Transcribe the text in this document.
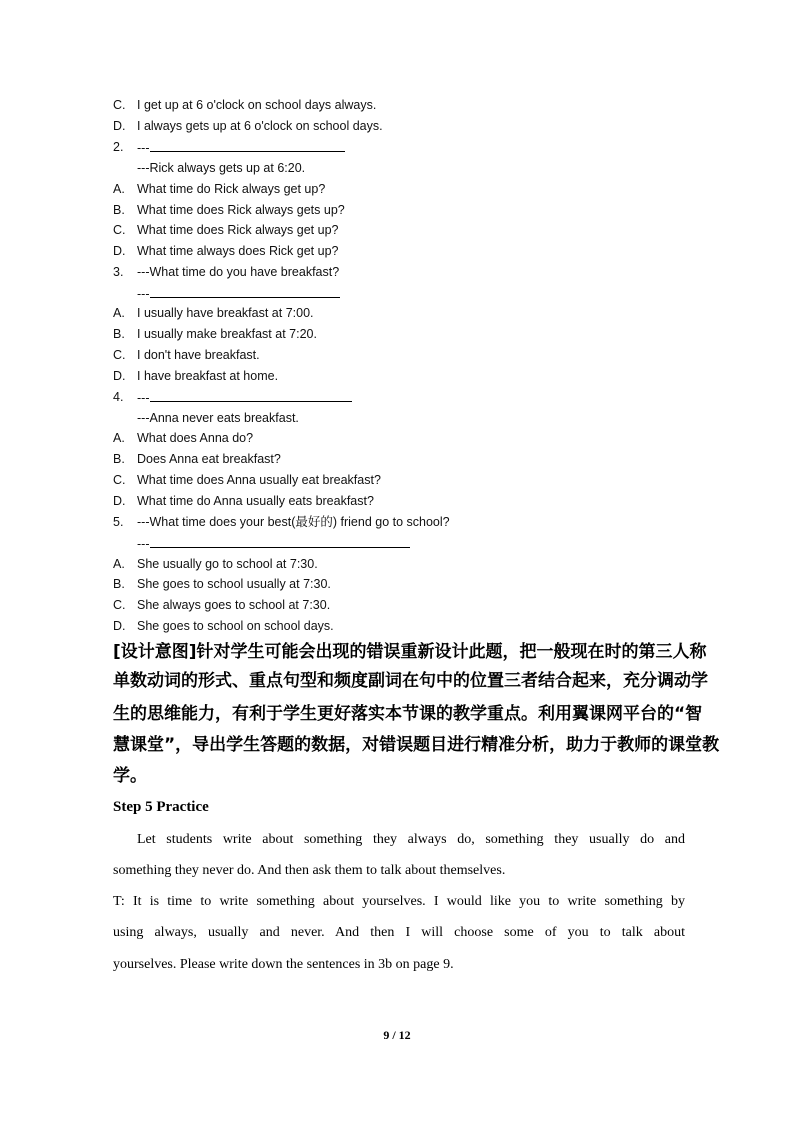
C. I get up at 6 o'clock on school days always.
D. I always gets up at 6 o'clock on school days.
2.	---
---Rick always gets up at 6:20.
A. What time do Rick always get up?
B. What time does Rick always gets up?
C. What time does Rick always get up?
D. What time always does Rick get up?
3.	---What time do you have breakfast?
---
A. I usually have breakfast at 7:00.
B. I usually make breakfast at 7:20.
C. I don't have breakfast.
D. I have breakfast at home.
4.	---
---Anna never eats breakfast.
A. What does Anna do?
B. Does Anna eat breakfast?
C. What time does Anna usually eat breakfast?
D. What time do Anna usually eats breakfast?
5.	---What time does your best(最好的) friend go to school?
---
A. She usually go to school at 7:30.
B. She goes to school usually at 7:30.
C. She always goes to school at 7:30.
D. She goes to school on school days.
[设计意图]针对学生可能会出现的错误重新设计此题，把一般现在时的第三人称
单数动词的形式、重点句型和频度副词在句中的位置三者结合起来，充分调动学
生的思维能力，有利于学生更好落实本节课的教学重点。利用翼课网平台的“智
慧课堂”，导出学生答题的数据，对错误题目进行精准分析，助力于教师的课堂教
学。
Step 5 Practice
Let students write about something they always do, something they usually do and
something they never do. And then ask them to talk about themselves.
T: It is time to write something about yourselves. I would like you to write something by
using always, usually and never. And then I will choose some of you to talk about
yourselves. Please write down the sentences in 3b on page 9.
9 / 12
